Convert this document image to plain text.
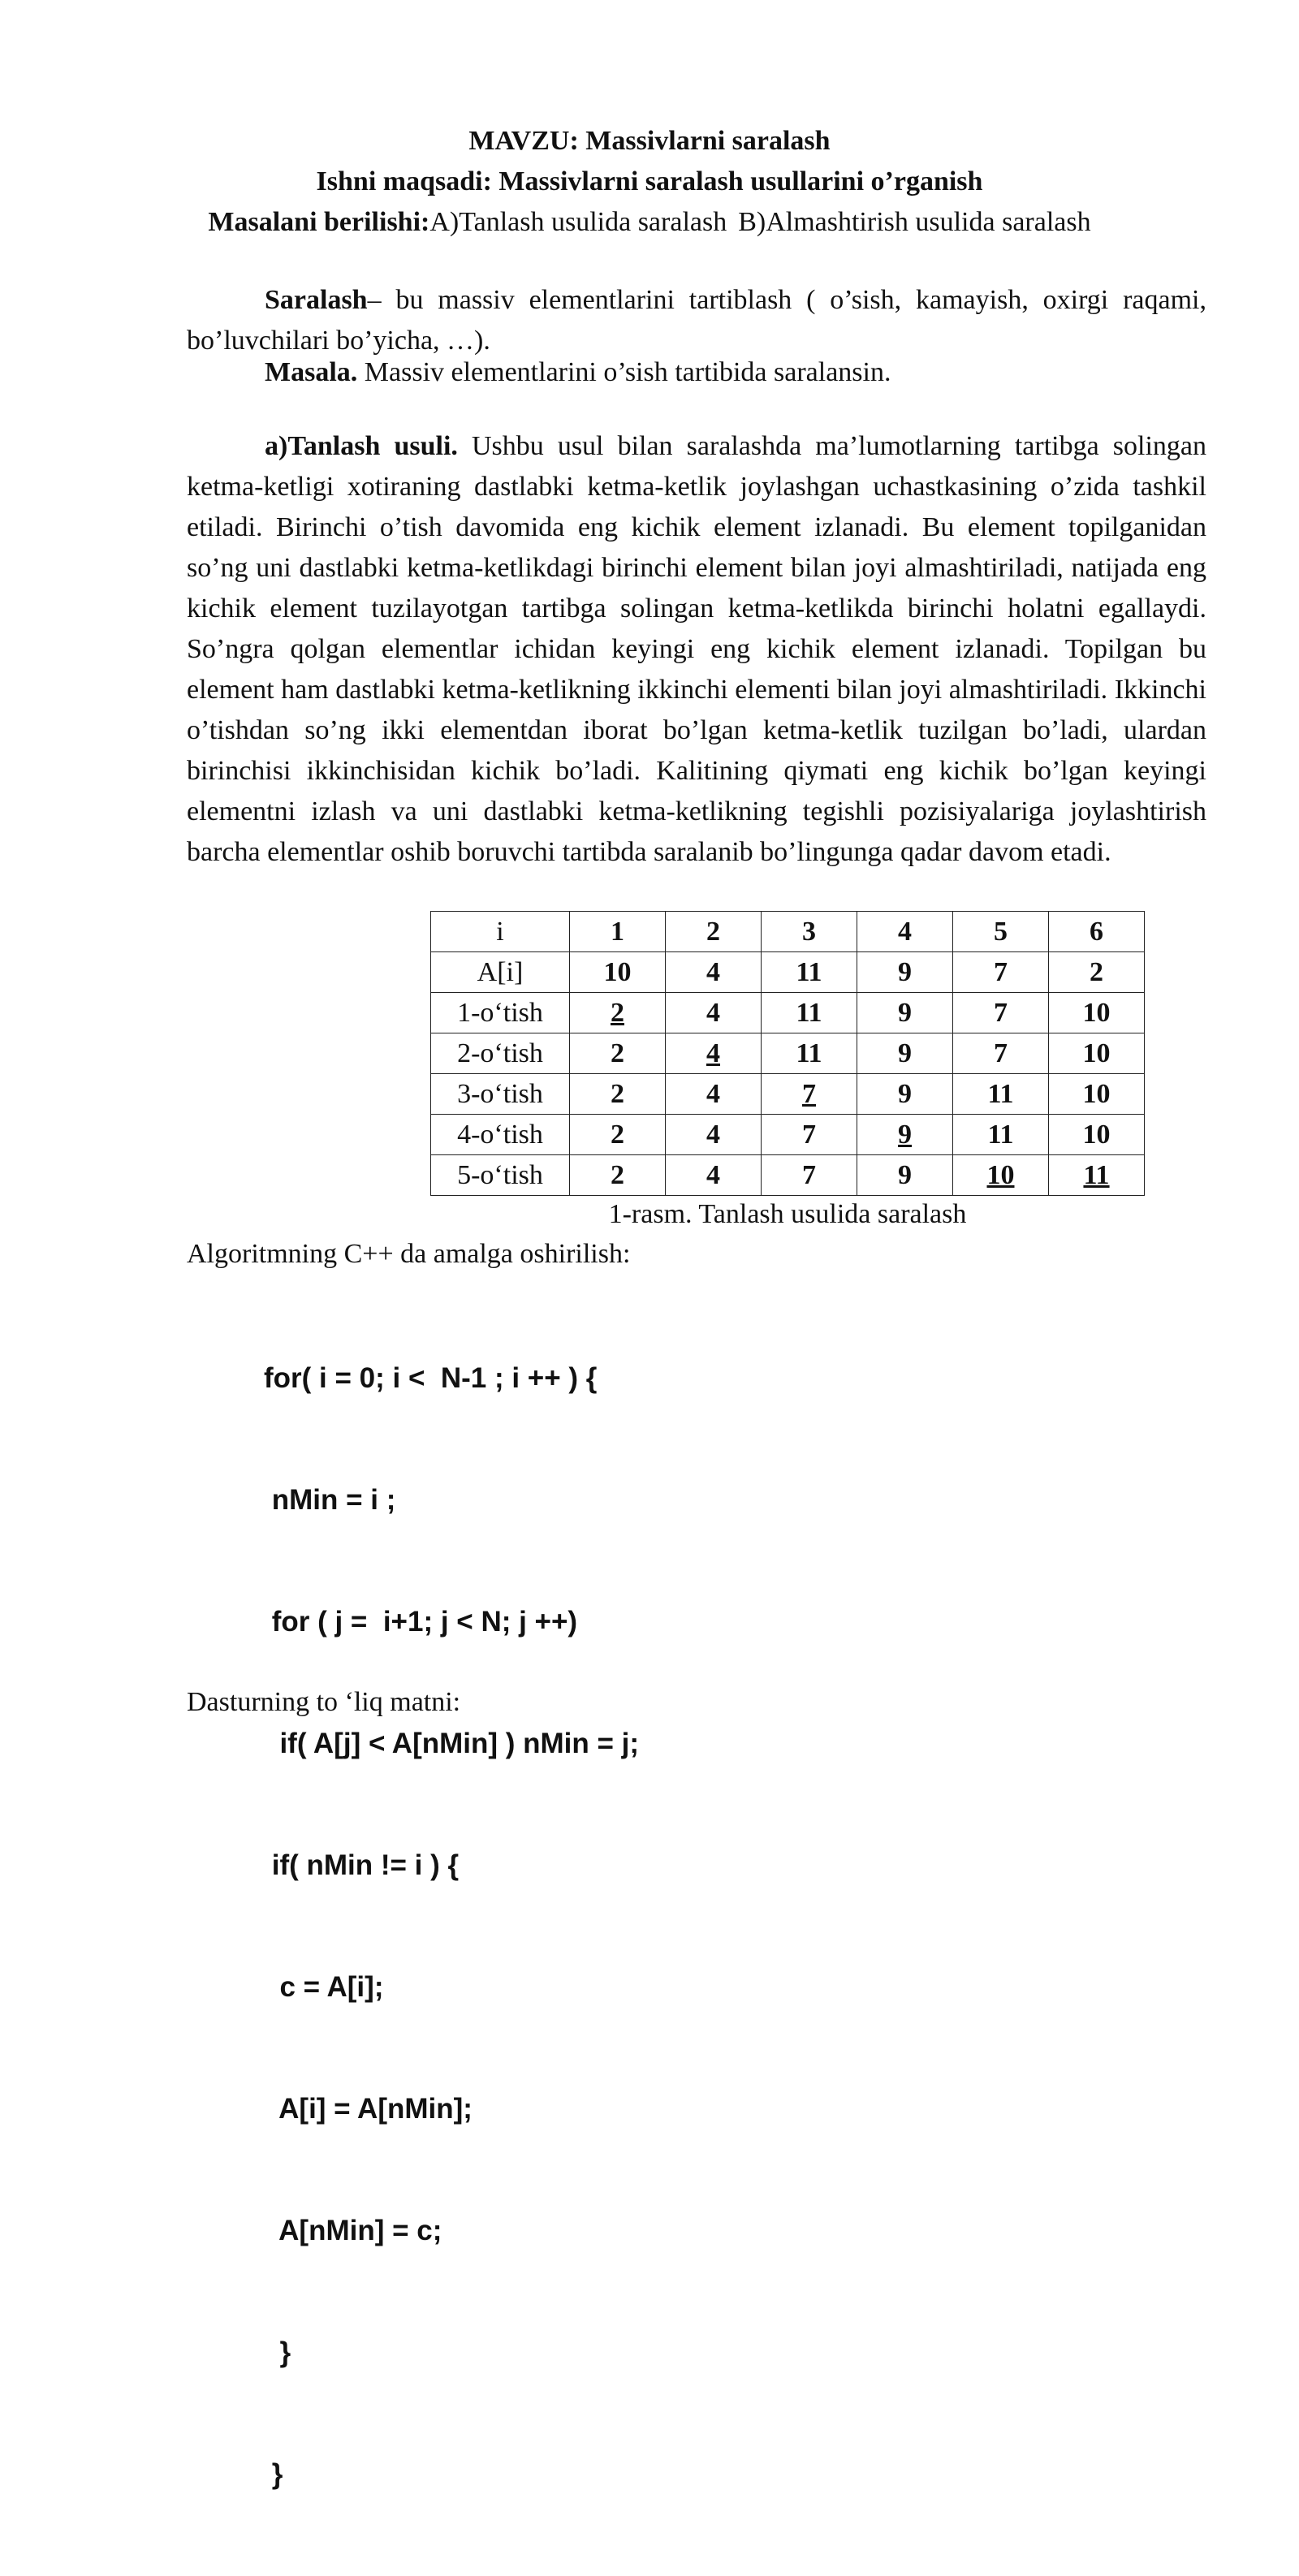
MAVZU: Massivlarni saralash
Ishni maqsadi: Massivlarni saralash usullarini o’rganish
Masalani berilishi:A)Tanlash usulida saralash B)Almashtirish usulida saralash
Saralash– bu massiv elementlarini tartiblash ( o’sish, kamayish, oxirgi raqami, bo’luvchilari bo’yicha, …).
Masala. Massiv elementlarini o’sish tartibida saralansin.
a)Tanlash usuli. Ushbu usul bilan saralashda ma’lumotlarning tartibga solingan ketma-ketligi xotiraning dastlabki ketma-ketlik joylashgan uchastkasining o’zida tashkil etiladi. Birinchi o’tish davomida eng kichik element izlanadi. Bu element topilganidan so’ng uni dastlabki ketma-ketlikdagi birinchi element bilan joyi almashtiriladi, natijada eng kichik element tuzilayotgan tartibga solingan ketma-ketlikda birinchi holatni egallaydi. So’ngra qolgan elementlar ichidan keyingi eng kichik element izlanadi. Topilgan bu element ham dastlabki ketma-ketlikning ikkinchi elementi bilan joyi almashtiriladi. Ikkinchi o’tishdan so’ng ikki elementdan iborat bo’lgan ketma-ketlik tuzilgan bo’ladi, ulardan birinchisi ikkinchisidan kichik bo’ladi. Kalitining qiymati eng kichik bo’lgan keyingi elementni izlash va uni dastlabki ketma-ketlikning tegishli pozisiyalariga joylashtirish barcha elementlar oshib boruvchi tartibda saralanib bo’lingunga qadar davom etadi.
i	1	2	3	4	5	6
A[i]	10	4	11	9	7	2
1-o‘tish	2	4	11	9	7	10
2-o‘tish	2	4	11	9	7	10
3-o‘tish	2	4	7	9	11	10
4-o‘tish	2	4	7	9	11	10
5-o‘tish	2	4	7	9	10	11
1-rasm. Tanlash usulida saralash
Algoritmning C++ da amalga oshirilish:

for( i = 0; i <  N-1 ; i ++ ) {

nMin = i ;

for ( j =  i+1; j < N; j ++)

if( A[j] < A[nMin] ) nMin = j;

if( nMin != i ) {

c = A[i];

A[i] = A[nMin];

A[nMin] = c;

}

}

Dasturning to ‘liq matni:
